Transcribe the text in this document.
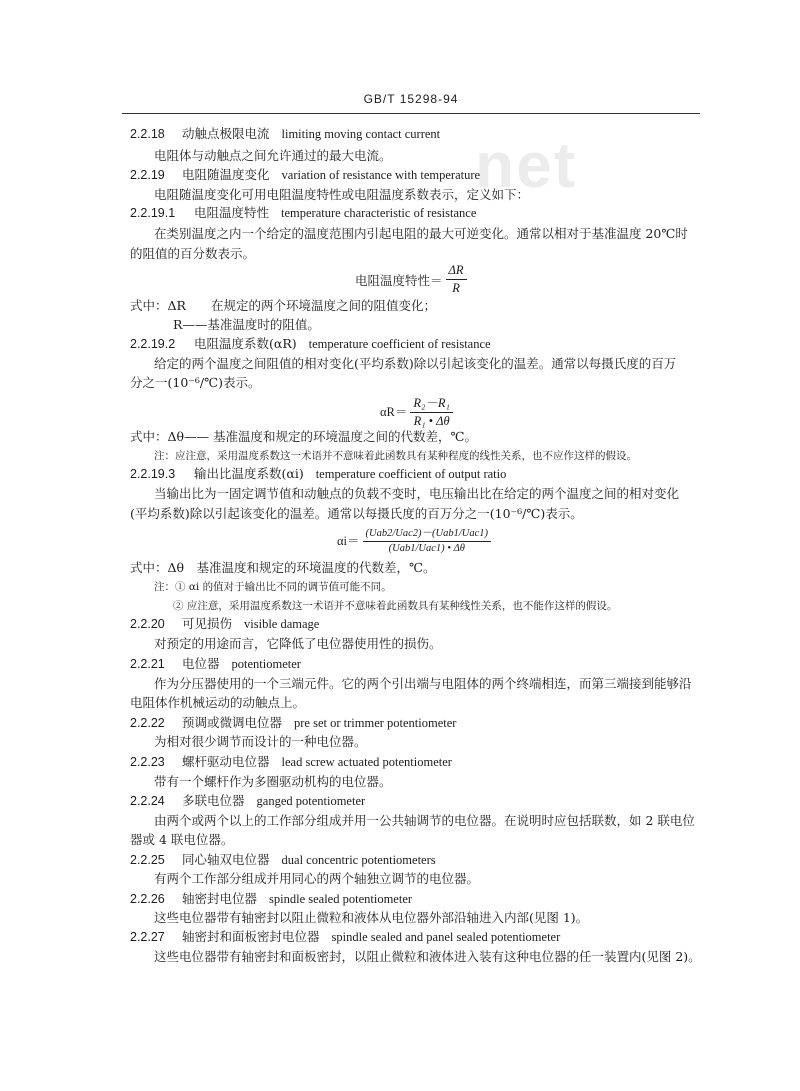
GB/T 15298-94
net
2.2.18 动触点极限电流 limiting moving contact current
电阻体与动触点之间允许通过的最大电流。
2.2.19 电阻随温度变化 variation of resistance with temperature
电阻随温度变化可用电阻温度特性或电阻温度系数表示，定义如下：
2.2.19.1 电阻温度特性 temperature characteristic of resistance
在类别温度之内一个给定的温度范围内引起电阻的最大可逆变化。通常以相对于基准温度 20℃时
的阻值的百分数表示。
电阻温度特性＝ $\frac{\Delta R}{R}$
式中：ΔR　　在规定的两个环境温度之间的阻值变化；
R——基准温度时的阻值。
2.2.19.2 电阻温度系数(αR) temperature coefficient of resistance
给定的两个温度之间阻值的相对变化(平均系数)除以引起该变化的温差。通常以每摄氏度的百万
分之一(10⁻⁶/℃)表示。
$\alpha R= \frac{\text{R₂－R₁}}{\text{R₁ • Δθ}}$
式中：Δθ—— 基准温度和规定的环境温度之间的代数差，℃。
注：应注意，采用温度系数这一术语并不意味着此函数具有某种程度的线性关系，也不应作这样的假设。
2.2.19.3 输出比温度系数(αi) temperature coefficient of output ratio
当输出比为一固定调节值和动触点的负载不变时，电压输出比在给定的两个温度之间的相对变化
(平均系数)除以引起该变化的温差。通常以每摄氏度的百万分之一(10⁻⁶/℃)表示。
$\alpha i= \frac{\text{(Uab2/Uac2)－(Uab1/Uac1)}}{\text{(Uab1/Uac1) • Δθ}}$
式中：Δθ　基准温度和规定的环境温度的代数差，℃。
注：① αi 的值对于输出比不同的调节值可能不同。
② 应注意，采用温度系数这一术语并不意味着此函数具有某种线性关系，也不能作这样的假设。
2.2.20 可见损伤 visible damage
对预定的用途而言，它降低了电位器使用性的损伤。
2.2.21 电位器 potentiometer
作为分压器使用的一个三端元件。它的两个引出端与电阻体的两个终端相连，而第三端接到能够沿
电阻体作机械运动的动触点上。
2.2.22 预调或微调电位器 pre set or trimmer potentiometer
为相对很少调节而设计的一种电位器。
2.2.23 螺杆驱动电位器 lead screw actuated potentiometer
带有一个螺杆作为多圈驱动机构的电位器。
2.2.24 多联电位器 ganged potentiometer
由两个或两个以上的工作部分组成并用一公共轴调节的电位器。在说明时应包括联数，如 2 联电位
器或 4 联电位器。
2.2.25 同心轴双电位器 dual concentric potentiometers
有两个工作部分组成并用同心的两个轴独立调节的电位器。
2.2.26 轴密封电位器 spindle sealed potentiometer
这些电位器带有轴密封以阻止微粒和液体从电位器外部沿轴进入内部(见图 1)。
2.2.27 轴密封和面板密封电位器 spindle sealed and panel sealed potentiometer
这些电位器带有轴密封和面板密封，以阻止微粒和液体进入装有这种电位器的任一装置内(见图 2)。
